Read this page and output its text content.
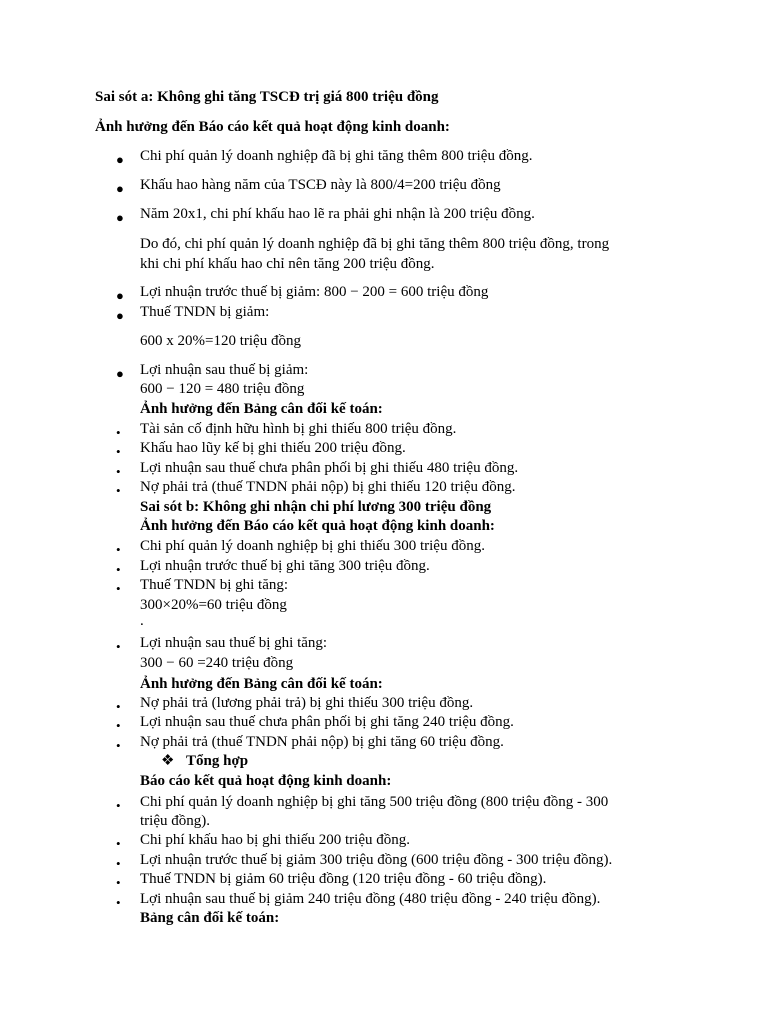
Sai sót a: Không ghi tăng TSCĐ trị giá 800 triệu đồng
Ảnh hưởng đến Báo cáo kết quả hoạt động kinh doanh:
● Chi phí quản lý doanh nghiệp đã bị ghi tăng thêm 800 triệu đồng.
● Khấu hao hàng năm của TSCĐ này là 800/4=200 triệu đồng
● Năm 20x1, chi phí khấu hao lẽ ra phải ghi nhận là 200 triệu đồng.
Do đó, chi phí quản lý doanh nghiệp đã bị ghi tăng thêm 800 triệu đồng, trong
khi chi phí khấu hao chỉ nên tăng 200 triệu đồng.
● Lợi nhuận trước thuế bị giảm: 800 − 200 = 600 triệu đồng
● Thuế TNDN bị giảm:
600 x 20%=120 triệu đồng
● Lợi nhuận sau thuế bị giảm:
600 − 120 = 480 triệu đồng
Ảnh hưởng đến Bảng cân đối kế toán:
• Tài sản cố định hữu hình bị ghi thiếu 800 triệu đồng.
• Khấu hao lũy kế bị ghi thiếu 200 triệu đồng.
• Lợi nhuận sau thuế chưa phân phối bị ghi thiếu 480 triệu đồng.
• Nợ phải trả (thuế TNDN phải nộp) bị ghi thiếu 120 triệu đồng.
Sai sót b: Không ghi nhận chi phí lương 300 triệu đồng
Ảnh hưởng đến Báo cáo kết quả hoạt động kinh doanh:
• Chi phí quản lý doanh nghiệp bị ghi thiếu 300 triệu đồng.
• Lợi nhuận trước thuế bị ghi tăng 300 triệu đồng.
• Thuế TNDN bị ghi tăng:
300×20%=60 triệu đồng
.
• Lợi nhuận sau thuế bị ghi tăng:
300 − 60 =240 triệu đồng
Ảnh hưởng đến Bảng cân đối kế toán:
• Nợ phải trả (lương phải trả) bị ghi thiếu 300 triệu đồng.
• Lợi nhuận sau thuế chưa phân phối bị ghi tăng 240 triệu đồng.
• Nợ phải trả (thuế TNDN phải nộp) bị ghi tăng 60 triệu đồng.
❖ Tổng hợp
Báo cáo kết quả hoạt động kinh doanh:
• Chi phí quản lý doanh nghiệp bị ghi tăng 500 triệu đồng (800 triệu đồng - 300
triệu đồng).
• Chi phí khấu hao bị ghi thiếu 200 triệu đồng.
• Lợi nhuận trước thuế bị giảm 300 triệu đồng (600 triệu đồng - 300 triệu đồng).
• Thuế TNDN bị giảm 60 triệu đồng (120 triệu đồng - 60 triệu đồng).
• Lợi nhuận sau thuế bị giảm 240 triệu đồng (480 triệu đồng - 240 triệu đồng).
Bảng cân đối kế toán:
